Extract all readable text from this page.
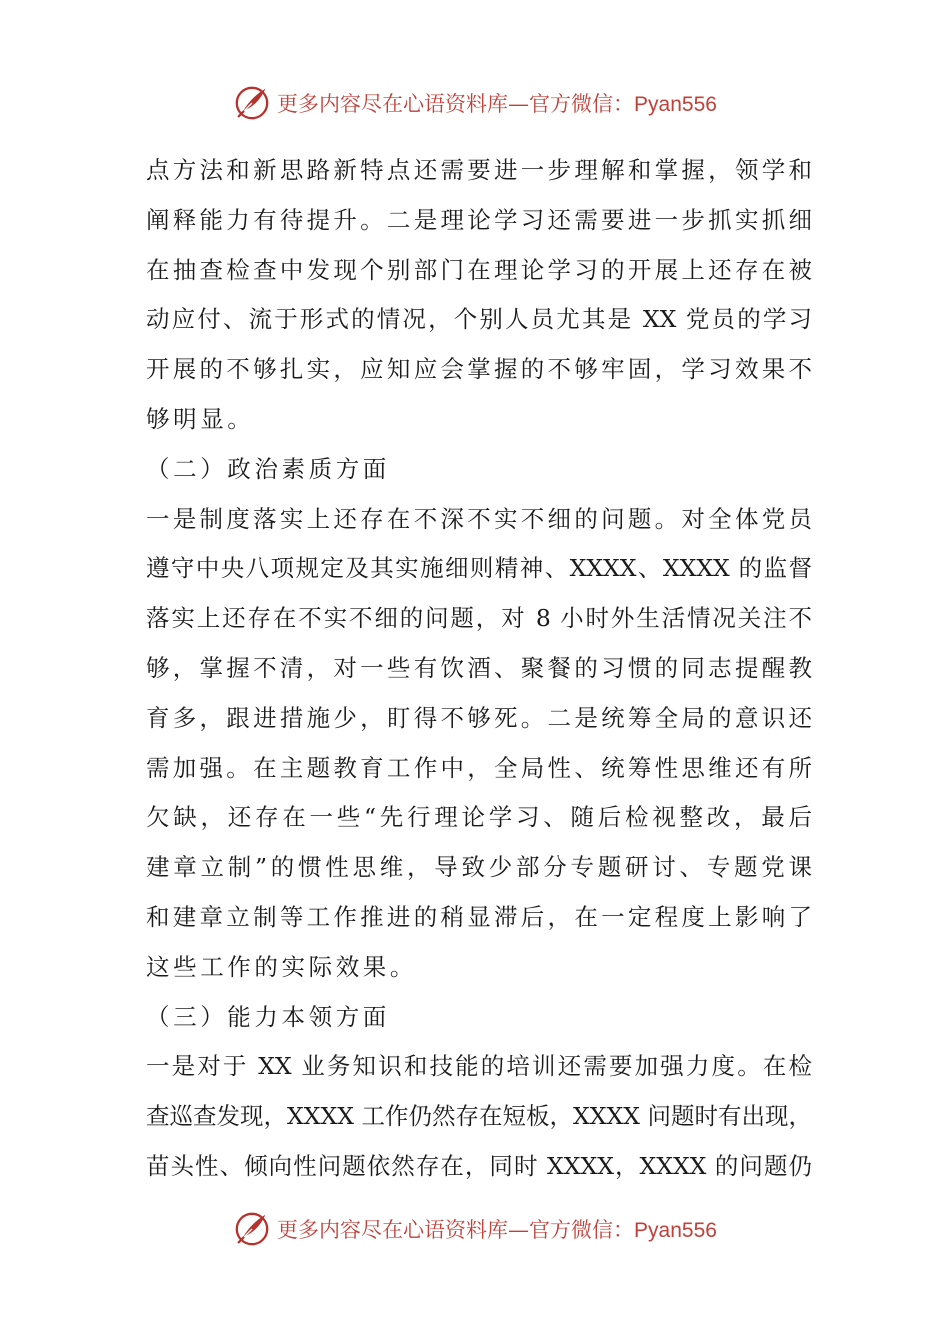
更多内容尽在心语资料库—官方微信：Pyan556
点方法和新思路新特点还需要进一步理解和掌握，领学和
阐释能力有待提升。二是理论学习还需要进一步抓实抓细
在抽查检查中发现个别部门在理论学习的开展上还存在被
动应付、流于形式的情况，个别人员尤其是 XX 党员的学习
开展的不够扎实，应知应会掌握的不够牢固，学习效果不
够明显。
（二）政治素质方面
一是制度落实上还存在不深不实不细的问题。对全体党员
遵守中央八项规定及其实施细则精神、XXXX、XXXX 的监督
落实上还存在不实不细的问题，对 8 小时外生活情况关注不
够，掌握不清，对一些有饮酒、聚餐的习惯的同志提醒教
育多，跟进措施少，盯得不够死。二是统筹全局的意识还
需加强。在主题教育工作中，全局性、统筹性思维还有所
欠缺，还存在一些“先行理论学习、随后检视整改，最后
建章立制”的惯性思维，导致少部分专题研讨、专题党课
和建章立制等工作推进的稍显滞后，在一定程度上影响了
这些工作的实际效果。
（三）能力本领方面
一是对于 XX 业务知识和技能的培训还需要加强力度。在检
查巡查发现，XXXX 工作仍然存在短板，XXXX 问题时有出现，
苗头性、倾向性问题依然存在，同时 XXXX，XXXX 的问题仍
更多内容尽在心语资料库—官方微信：Pyan556
